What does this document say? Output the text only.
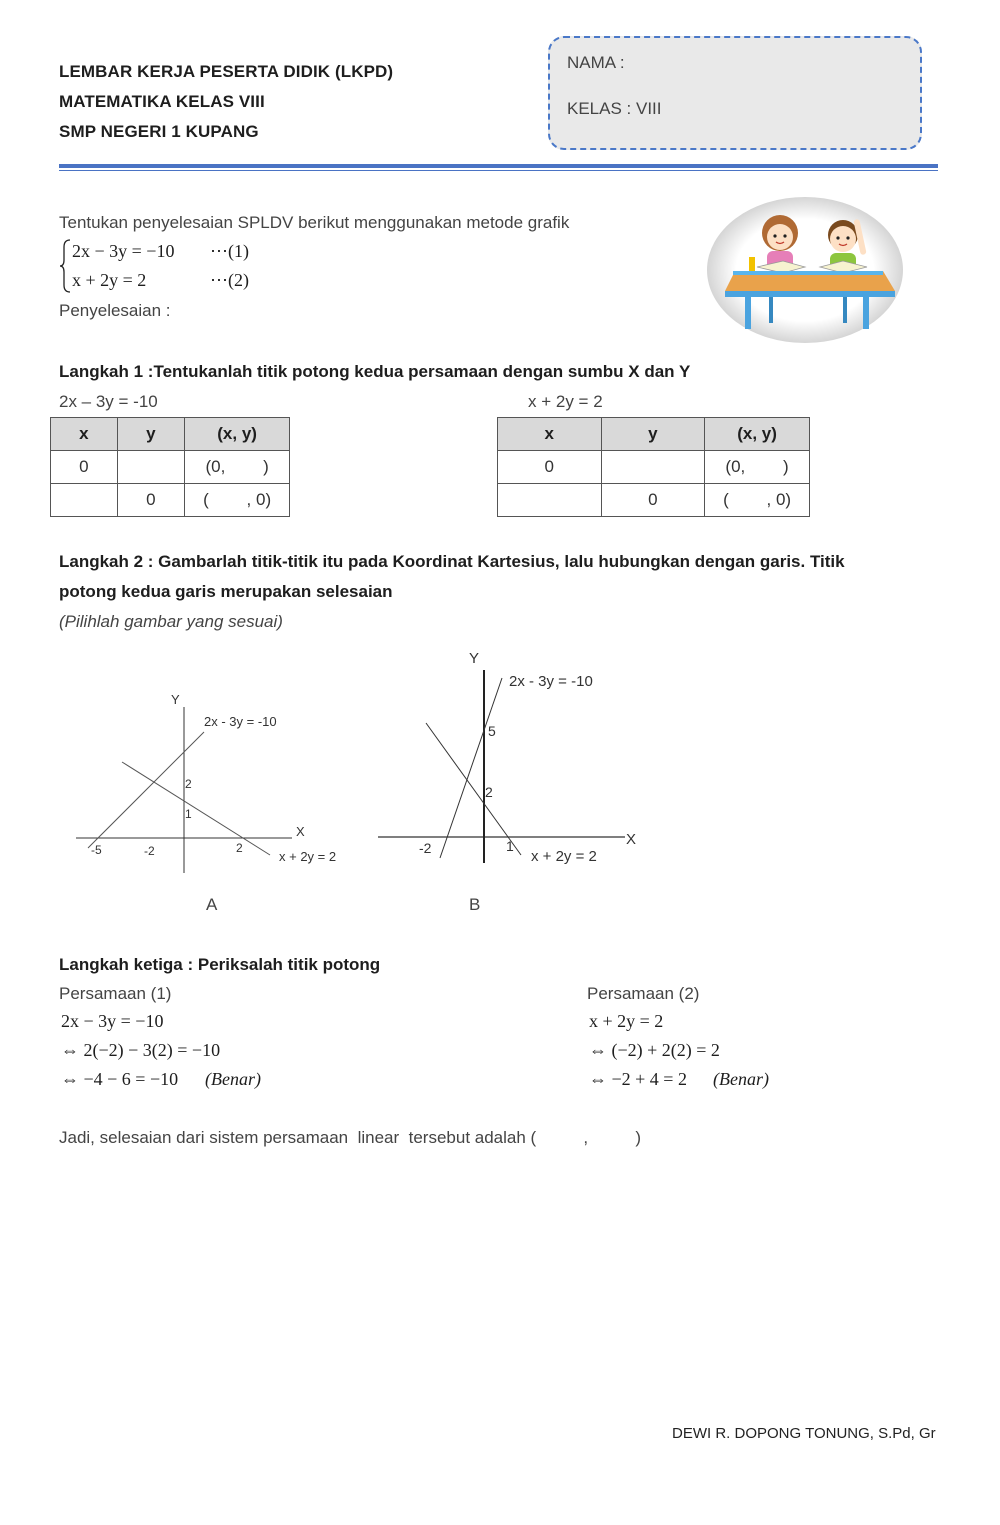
LEMBAR KERJA PESERTA DIDIK (LKPD)
MATEMATIKA KELAS VIII
SMP NEGERI 1 KUPANG
NAMA :
KELAS : VIII
Tentukan penyelesaian SPLDV berikut menggunakan metode grafik
2x − 3y = −10 ⋯(1)
x + 2y = 2	⋯(2)
Penyelesaian :
Langkah 1 :Tentukanlah titik potong kedua persamaan dengan sumbu X dan Y
2x – 3y = -10	x + 2y = 2
x	y	(x, y)
0		(0,        )
	0	(        , 0)
x	y	(x, y)
0		(0,        )
	0	(        , 0)
Langkah 2 : Gambarlah titik-titik itu pada Koordinat Kartesius, lalu hubungkan dengan garis. Titik
potong kedua garis merupakan selesaian
(Pilihlah gambar yang sesuai)
Y
X
2x - 3y = -10
x + 2y = 2
-5	-2	2
2
1
A
Y
X
2x - 3y = -10
x + 2y = 2
-2	1
5
2
B
Langkah ketiga : Periksalah titik potong
Persamaan (1)
2x − 3y = −10
⇔ 2(−2) − 3(2) = −10
⇔ −4 − 6 = −10 (Benar)
Persamaan (2)
x + 2y = 2
⇔ (−2) + 2(2) = 2
⇔ −2 + 4 = 2 (Benar)
Jadi, selesaian dari sistem persamaan  linear  tersebut adalah (          ,          )
DEWI R. DOPONG TONUNG, S.Pd, Gr
